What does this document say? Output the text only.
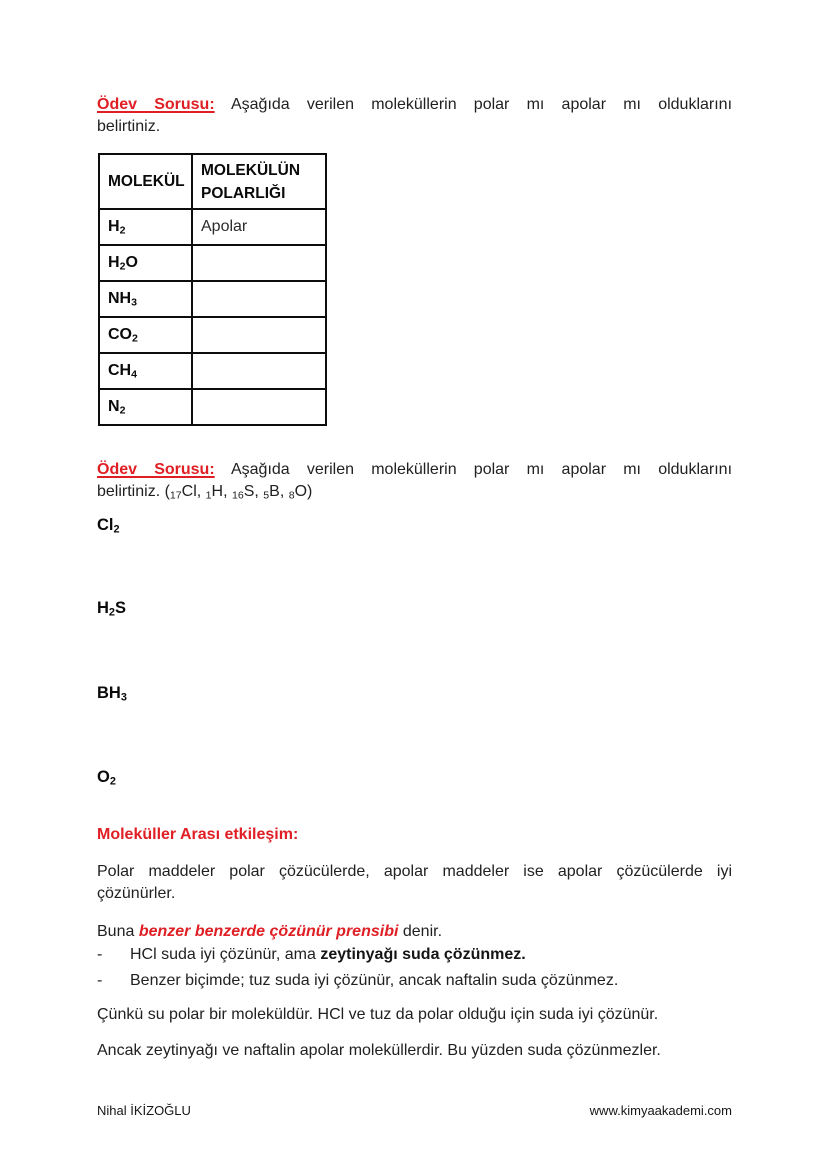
Ödev Sorusu: Aşağıda verilen moleküllerin polar mı apolar mı olduklarını
belirtiniz.
MOLEKÜL	MOLEKÜLÜN
POLARLIĞI

H2	Apolar
H2O	
NH3	
CO2	
CH4	
N2	
Ödev Sorusu: Aşağıda verilen moleküllerin polar mı apolar mı olduklarını
belirtiniz. (17Cl, 1H, 16S, 5B, 8O)
Cl2
H2S
BH3
O2
Moleküller Arası etkileşim:
Polar maddeler polar çözücülerde, apolar maddeler ise apolar çözücülerde iyi
çözünürler.
Buna benzer benzerde çözünür prensibi denir.
-	HCl suda iyi çözünür, ama zeytinyağı suda çözünmez.
-	Benzer biçimde; tuz suda iyi çözünür, ancak naftalin suda çözünmez.
Çünkü su polar bir moleküldür. HCl ve tuz da polar olduğu için suda iyi çözünür.
Ancak zeytinyağı ve naftalin apolar moleküllerdir. Bu yüzden suda çözünmezler.
Nihal İKİZOĞLU	www.kimyaakademi.com
